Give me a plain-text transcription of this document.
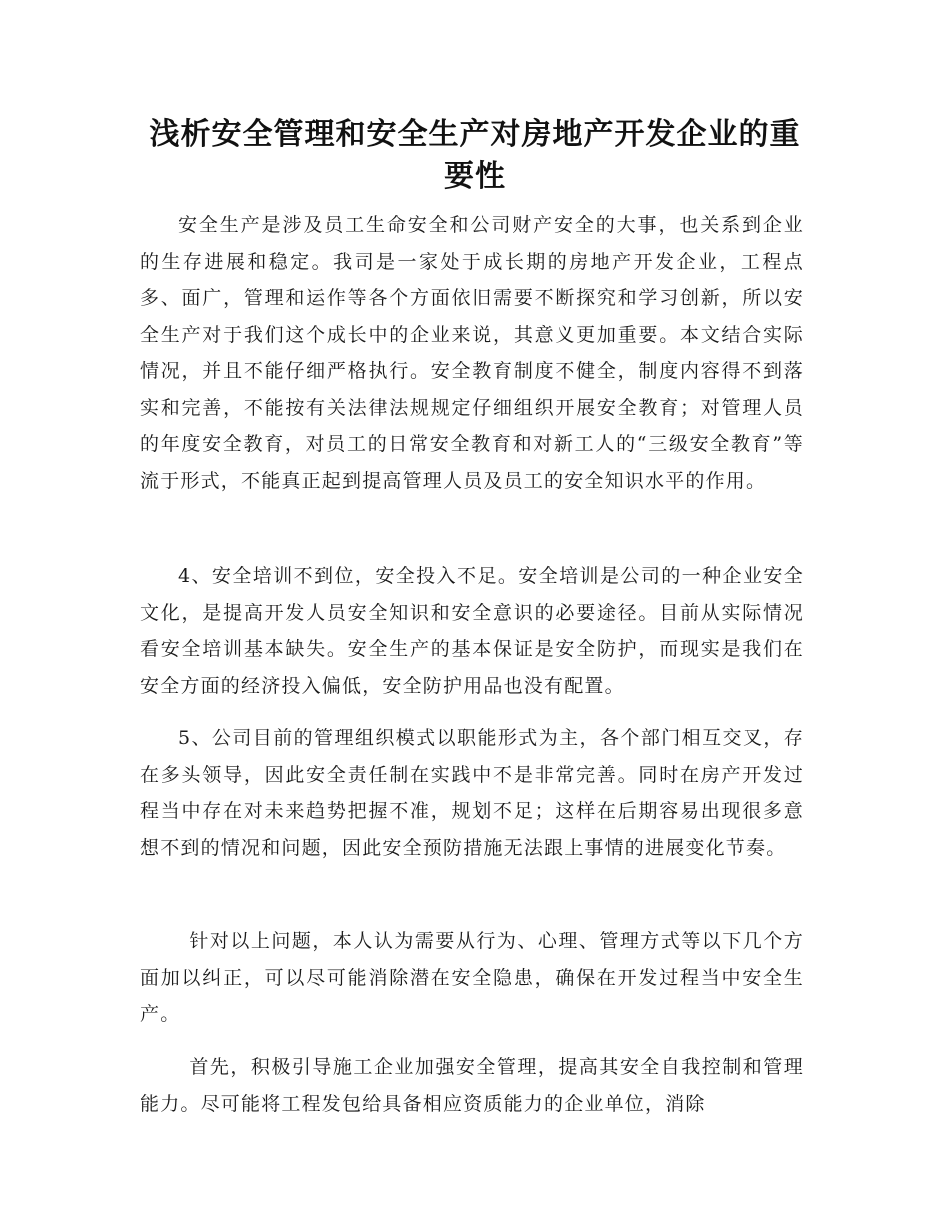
浅析安全管理和安全生产对房地产开发企业的重要性

安全生产是涉及员工生命安全和公司财产安全的大事，也关系到企业的生存进展和稳定。我司是一家处于成长期的房地产开发企业，工程点多、面广，管理和运作等各个方面依旧需要不断探究和学习创新，所以安全生产对于我们这个成长中的企业来说，其意义更加重要。本文结合实际情况，并且不能仔细严格执行。安全教育制度不健全，制度内容得不到落实和完善，不能按有关法律法规规定仔细组织开展安全教育；对管理人员的年度安全教育，对员工的日常安全教育和对新工人的“三级安全教育”等流于形式，不能真正起到提高管理人员及员工的安全知识水平的作用。

4、安全培训不到位，安全投入不足。安全培训是公司的一种企业安全文化，是提高开发人员安全知识和安全意识的必要途径。目前从实际情况看安全培训基本缺失。安全生产的基本保证是安全防护，而现实是我们在安全方面的经济投入偏低，安全防护用品也没有配置。

5、公司目前的管理组织模式以职能形式为主，各个部门相互交叉，存在多头领导，因此安全责任制在实践中不是非常完善。同时在房产开发过程当中存在对未来趋势把握不准，规划不足；这样在后期容易出现很多意想不到的情况和问题，因此安全预防措施无法跟上事情的进展变化节奏。

针对以上问题，本人认为需要从行为、心理、管理方式等以下几个方面加以纠正，可以尽可能消除潜在安全隐患，确保在开发过程当中安全生产。

首先，积极引导施工企业加强安全管理，提高其安全自我控制和管理能力。尽可能将工程发包给具备相应资质能力的企业单位，消除
